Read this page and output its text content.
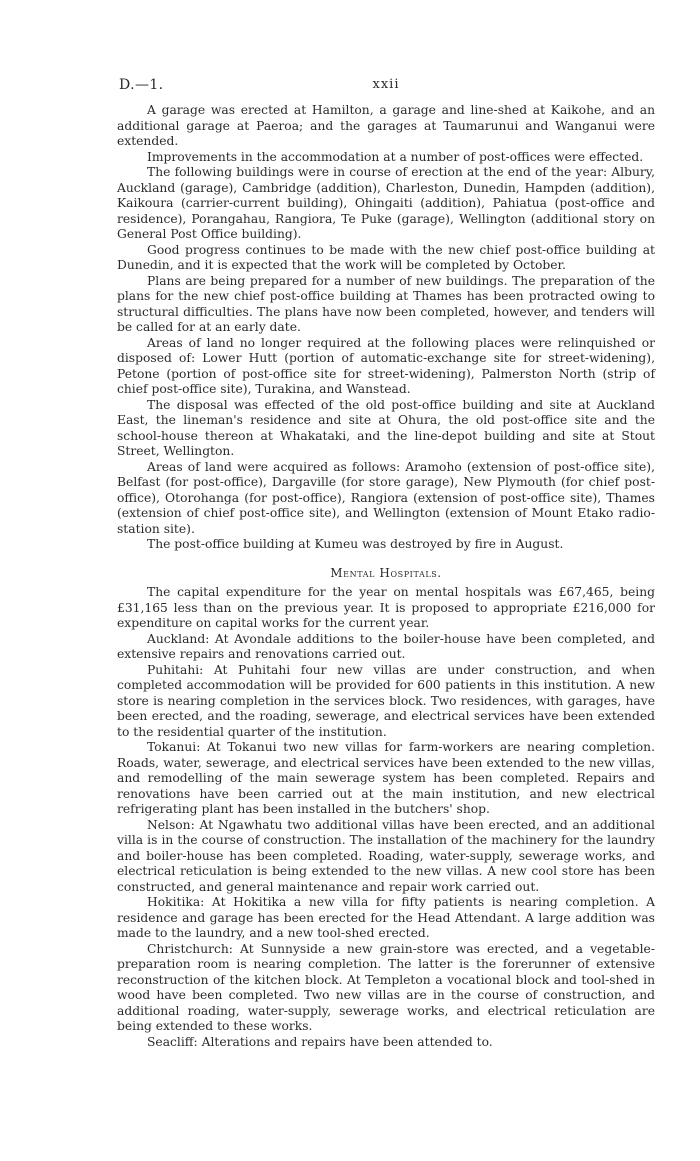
D.—1.	xxii

A garage was erected at Hamilton, a garage and line-shed at Kaikohe, and an additional garage at Paeroa; and the garages at Taumarunui and Wanganui were extended.

Improvements in the accommodation at a number of post-offices were effected.

The following buildings were in course of erection at the end of the year: Albury, Auckland (garage), Cambridge (addition), Charleston, Dunedin, Hampden (addition), Kaikoura (carrier-current building), Ohingaiti (addition), Pahiatua (post-office and residence), Porangahau, Rangiora, Te Puke (garage), Wellington (additional story on General Post Office building).

Good progress continues to be made with the new chief post-office building at Dunedin, and it is expected that the work will be completed by October.

Plans are being prepared for a number of new buildings. The preparation of the plans for the new chief post-office building at Thames has been protracted owing to structural difficulties. The plans have now been completed, however, and tenders will be called for at an early date.

Areas of land no longer required at the following places were relinquished or disposed of: Lower Hutt (portion of automatic-exchange site for street-widening), Petone (portion of post-office site for street-widening), Palmerston North (strip of chief post-office site), Turakina, and Wanstead.

The disposal was effected of the old post-office building and site at Auckland East, the lineman's residence and site at Ohura, the old post-office site and the school-house thereon at Whakataki, and the line-depot building and site at Stout Street, Wellington.

Areas of land were acquired as follows: Aramoho (extension of post-office site), Belfast (for post-office), Dargaville (for store garage), New Plymouth (for chief post-office), Otorohanga (for post-office), Rangiora (extension of post-office site), Thames (extension of chief post-office site), and Wellington (extension of Mount Etako radio-station site).

The post-office building at Kumeu was destroyed by fire in August.

Mental Hospitals.

The capital expenditure for the year on mental hospitals was £67,465, being £31,165 less than on the previous year. It is proposed to appropriate £216,000 for expenditure on capital works for the current year.

Auckland: At Avondale additions to the boiler-house have been completed, and extensive repairs and renovations carried out.

Puhitahi: At Puhitahi four new villas are under construction, and when completed accommodation will be provided for 600 patients in this institution. A new store is nearing completion in the services block. Two residences, with garages, have been erected, and the roading, sewerage, and electrical services have been extended to the residential quarter of the institution.

Tokanui: At Tokanui two new villas for farm-workers are nearing completion. Roads, water, sewerage, and electrical services have been extended to the new villas, and remodelling of the main sewerage system has been completed. Repairs and renovations have been carried out at the main institution, and new electrical refrigerating plant has been installed in the butchers' shop.

Nelson: At Ngawhatu two additional villas have been erected, and an additional villa is in the course of construction. The installation of the machinery for the laundry and boiler-house has been completed. Roading, water-supply, sewerage works, and electrical reticulation is being extended to the new villas. A new cool store has been constructed, and general maintenance and repair work carried out.

Hokitika: At Hokitika a new villa for fifty patients is nearing completion. A residence and garage has been erected for the Head Attendant. A large addition was made to the laundry, and a new tool-shed erected.

Christchurch: At Sunnyside a new grain-store was erected, and a vegetable-preparation room is nearing completion. The latter is the forerunner of extensive reconstruction of the kitchen block. At Templeton a vocational block and tool-shed in wood have been completed. Two new villas are in the course of construction, and additional roading, water-supply, sewerage works, and electrical reticulation are being extended to these works.

Seacliff: Alterations and repairs have been attended to.
